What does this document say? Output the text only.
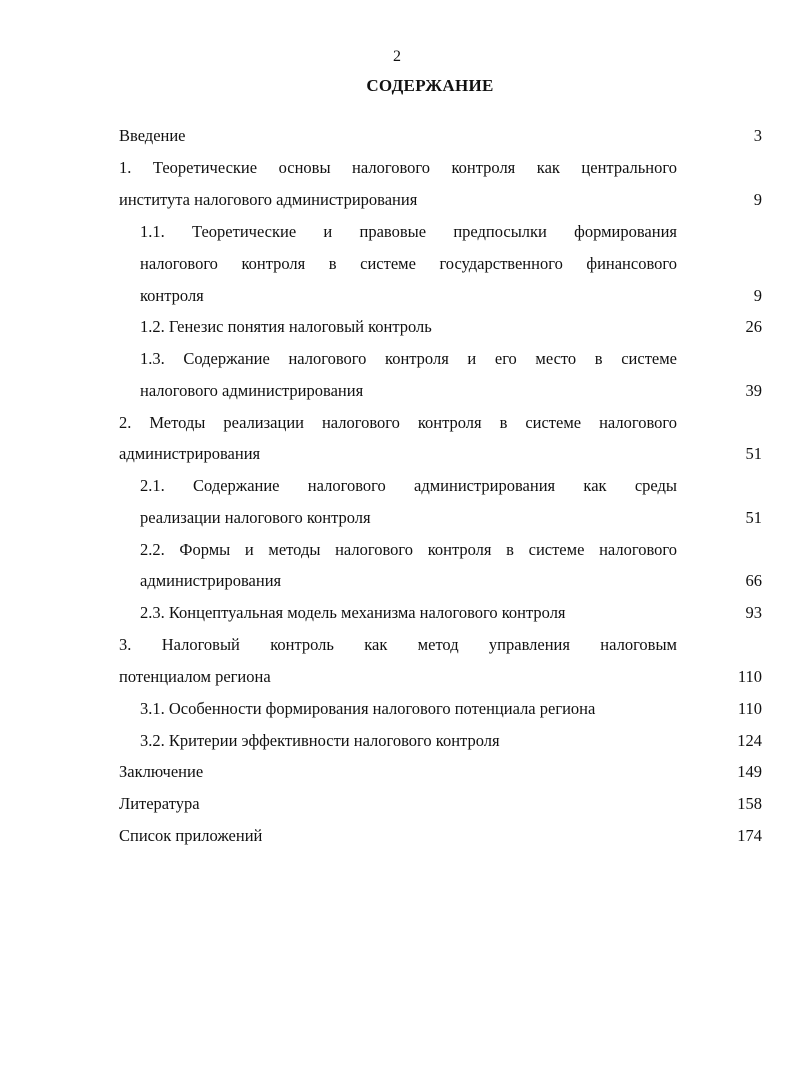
2
СОДЕРЖАНИЕ
Введение	3
1. Теоретические основы налогового контроля как центрального
института налогового администрирования	9
1.1. Теоретические и правовые предпосылки формирования
налогового контроля в системе государственного финансового
контроля	9
1.2. Генезис понятия налоговый контроль	26
1.3. Содержание налогового контроля и его место в системе
налогового администрирования	39
2. Методы реализации налогового контроля в системе налогового
администрирования	51
2.1. Содержание налогового администрирования как среды
реализации налогового контроля	51
2.2. Формы и методы налогового контроля в системе налогового
администрирования	66
2.3. Концептуальная модель механизма налогового контроля	93
3. Налоговый контроль как метод управления налоговым
потенциалом региона	110
3.1. Особенности формирования налогового потенциала региона	110
3.2. Критерии эффективности налогового контроля	124
Заключение	149
Литература	158
Список приложений	174
